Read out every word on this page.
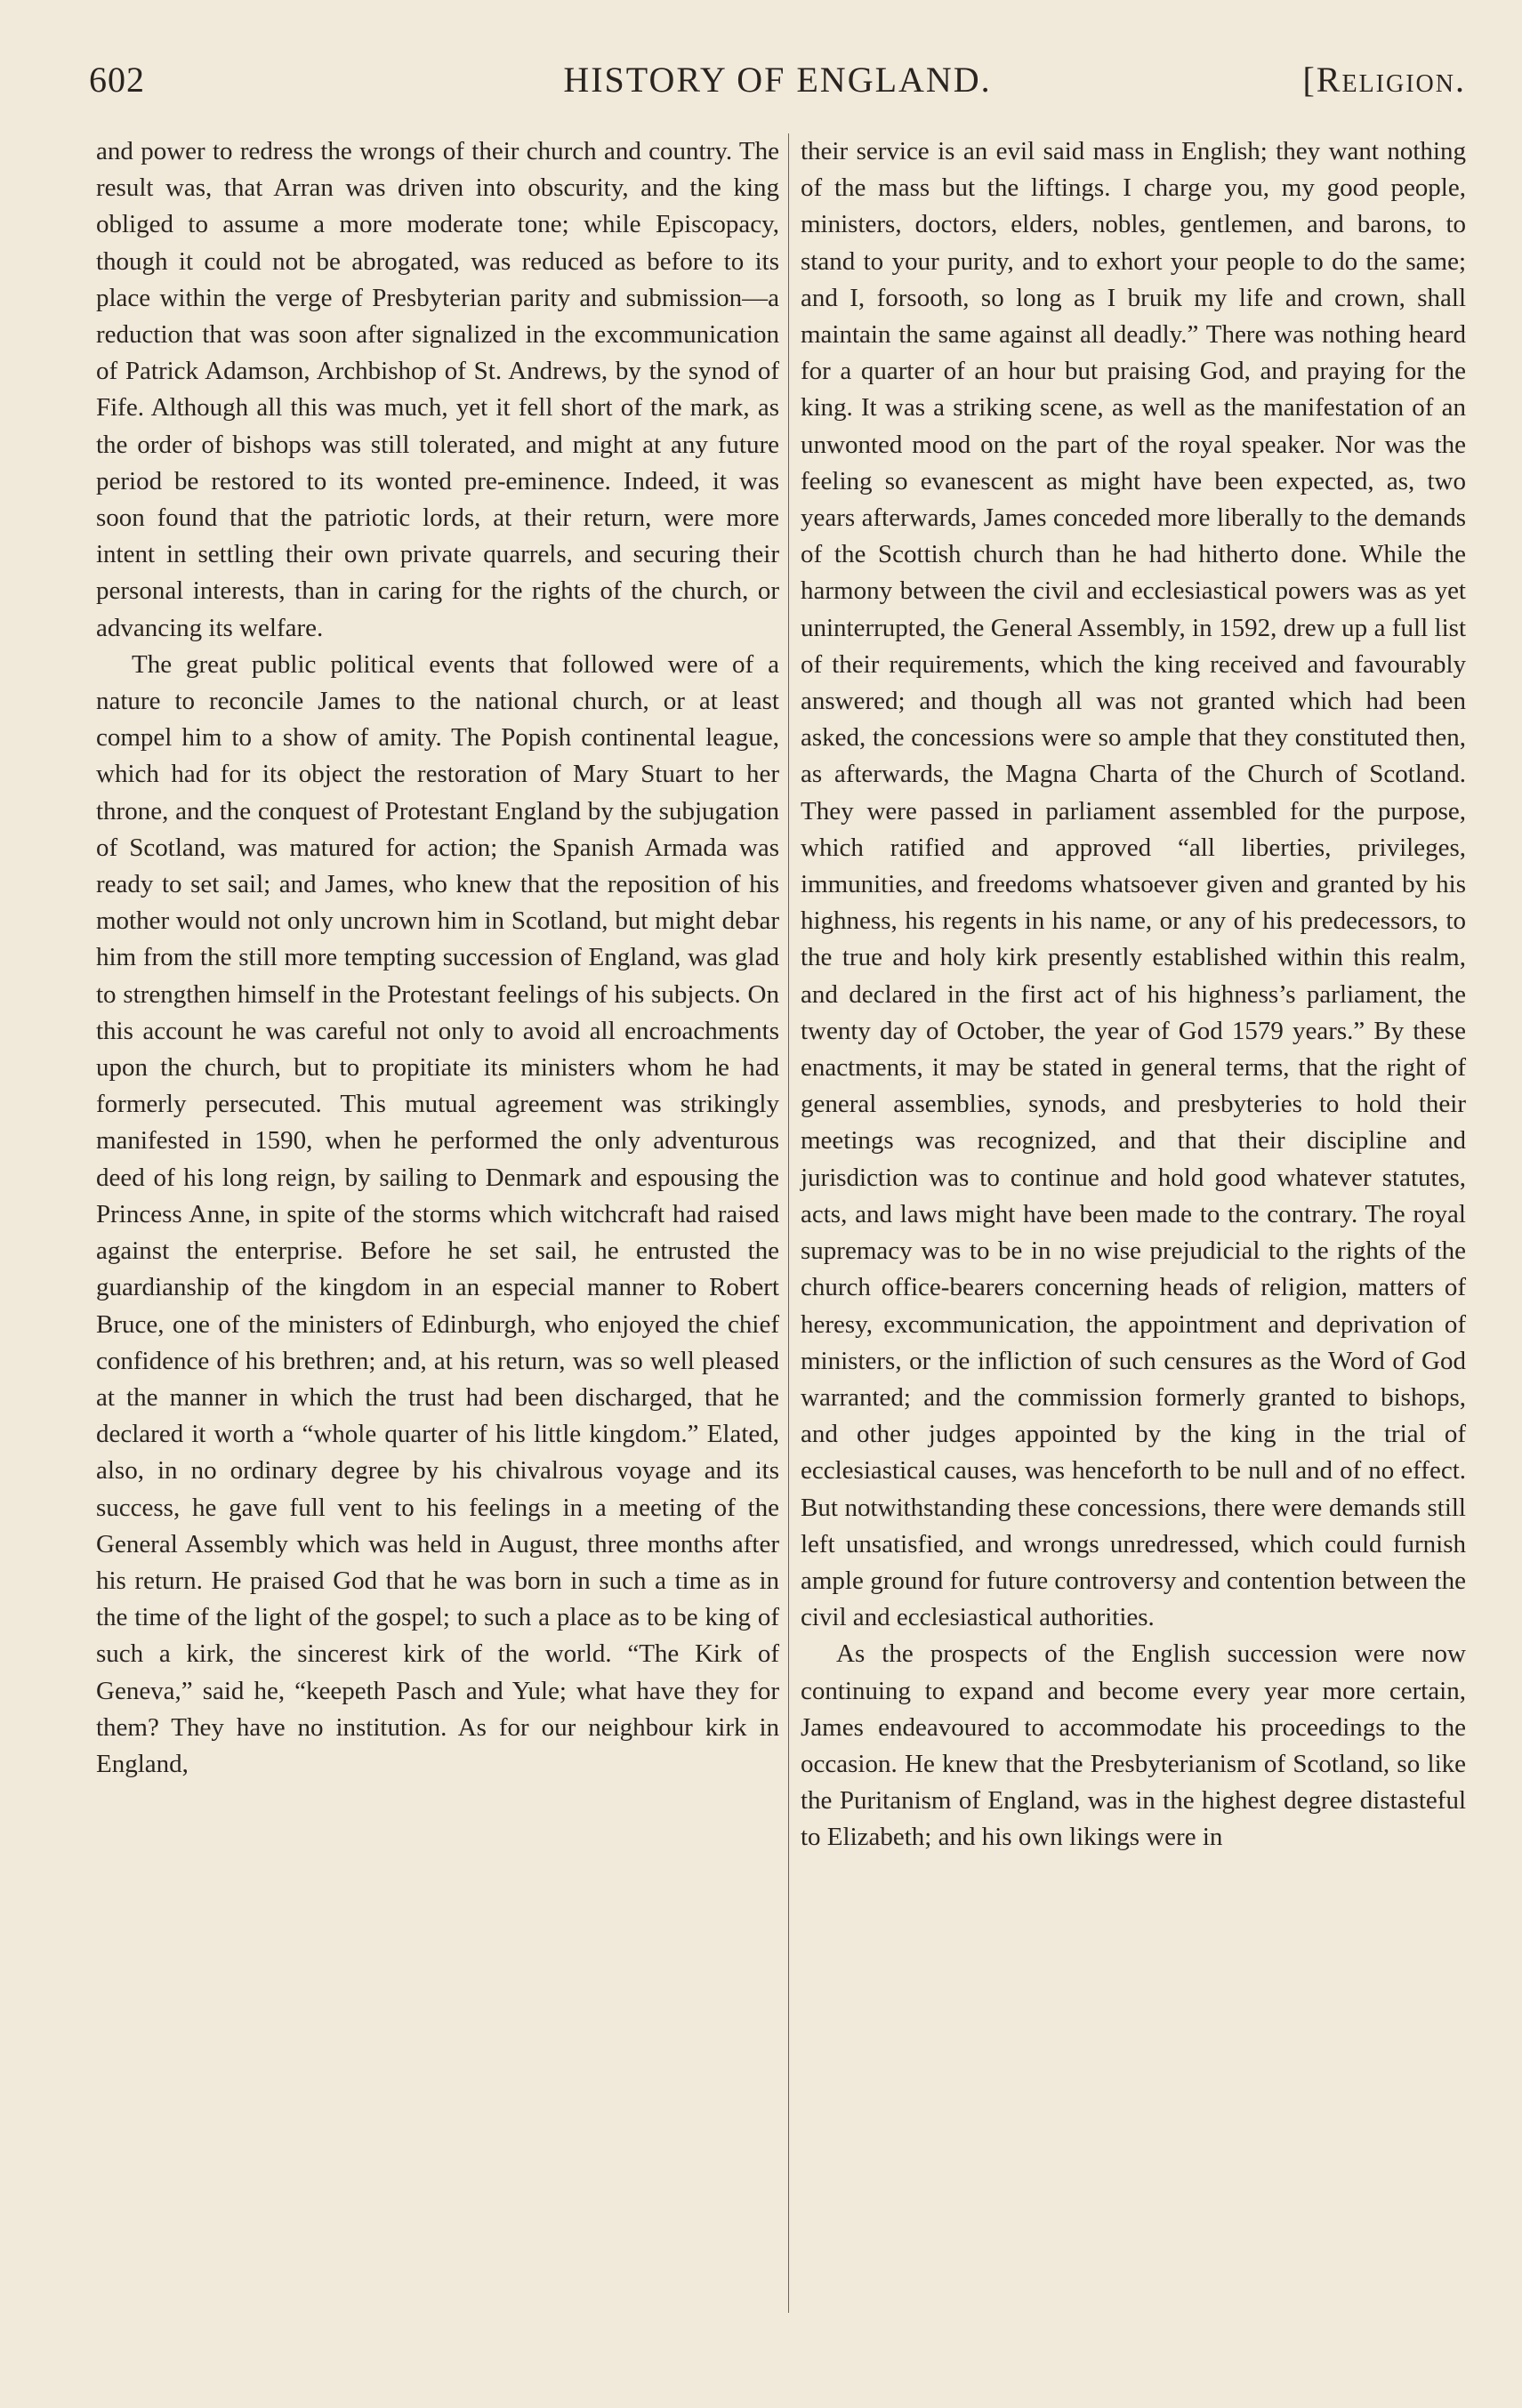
602	HISTORY OF ENGLAND.	[Religion.

and power to redress the wrongs of their church and country. The result was, that Arran was driven into obscurity, and the king obliged to assume a more moderate tone; while Episcopacy, though it could not be abrogated, was reduced as before to its place within the verge of Presbyterian parity and submission—a reduction that was soon after signalized in the excommunication of Patrick Adamson, Archbishop of St. Andrews, by the synod of Fife. Although all this was much, yet it fell short of the mark, as the order of bishops was still tolerated, and might at any future period be restored to its wonted pre-eminence. Indeed, it was soon found that the patriotic lords, at their return, were more intent in settling their own private quarrels, and securing their personal interests, than in caring for the rights of the church, or advancing its welfare.

The great public political events that followed were of a nature to reconcile James to the national church, or at least compel him to a show of amity. The Popish continental league, which had for its object the restoration of Mary Stuart to her throne, and the conquest of Protestant England by the subjugation of Scotland, was matured for action; the Spanish Armada was ready to set sail; and James, who knew that the reposition of his mother would not only uncrown him in Scotland, but might debar him from the still more tempting succession of England, was glad to strengthen himself in the Protestant feelings of his subjects. On this account he was careful not only to avoid all encroachments upon the church, but to propitiate its ministers whom he had formerly persecuted. This mutual agreement was strikingly manifested in 1590, when he performed the only adventurous deed of his long reign, by sailing to Denmark and espousing the Princess Anne, in spite of the storms which witchcraft had raised against the enterprise. Before he set sail, he entrusted the guardianship of the kingdom in an especial manner to Robert Bruce, one of the ministers of Edinburgh, who enjoyed the chief confidence of his brethren; and, at his return, was so well pleased at the manner in which the trust had been discharged, that he declared it worth a “whole quarter of his little kingdom.” Elated, also, in no ordinary degree by his chivalrous voyage and its success, he gave full vent to his feelings in a meeting of the General Assembly which was held in August, three months after his return. He praised God that he was born in such a time as in the time of the light of the gospel; to such a place as to be king of such a kirk, the sincerest kirk of the world. “The Kirk of Geneva,” said he, “keepeth Pasch and Yule; what have they for them? They have no institution. As for our neighbour kirk in England,

their service is an evil said mass in English; they want nothing of the mass but the liftings. I charge you, my good people, ministers, doctors, elders, nobles, gentlemen, and barons, to stand to your purity, and to exhort your people to do the same; and I, forsooth, so long as I bruik my life and crown, shall maintain the same against all deadly.” There was nothing heard for a quarter of an hour but praising God, and praying for the king. It was a striking scene, as well as the manifestation of an unwonted mood on the part of the royal speaker. Nor was the feeling so evanescent as might have been expected, as, two years afterwards, James conceded more liberally to the demands of the Scottish church than he had hitherto done. While the harmony between the civil and ecclesiastical powers was as yet uninterrupted, the General Assembly, in 1592, drew up a full list of their requirements, which the king received and favourably answered; and though all was not granted which had been asked, the concessions were so ample that they constituted then, as afterwards, the Magna Charta of the Church of Scotland. They were passed in parliament assembled for the purpose, which ratified and approved “all liberties, privileges, immunities, and freedoms whatsoever given and granted by his highness, his regents in his name, or any of his predecessors, to the true and holy kirk presently established within this realm, and declared in the first act of his highness’s parliament, the twenty day of October, the year of God 1579 years.” By these enactments, it may be stated in general terms, that the right of general assemblies, synods, and presbyteries to hold their meetings was recognized, and that their discipline and jurisdiction was to continue and hold good whatever statutes, acts, and laws might have been made to the contrary. The royal supremacy was to be in no wise prejudicial to the rights of the church office-bearers concerning heads of religion, matters of heresy, excommunication, the appointment and deprivation of ministers, or the infliction of such censures as the Word of God warranted; and the commission formerly granted to bishops, and other judges appointed by the king in the trial of ecclesiastical causes, was henceforth to be null and of no effect. But notwithstanding these concessions, there were demands still left unsatisfied, and wrongs unredressed, which could furnish ample ground for future controversy and contention between the civil and ecclesiastical authorities.

As the prospects of the English succession were now continuing to expand and become every year more certain, James endeavoured to accommodate his proceedings to the occasion. He knew that the Presbyterianism of Scotland, so like the Puritanism of England, was in the highest degree distasteful to Elizabeth; and his own likings were in
